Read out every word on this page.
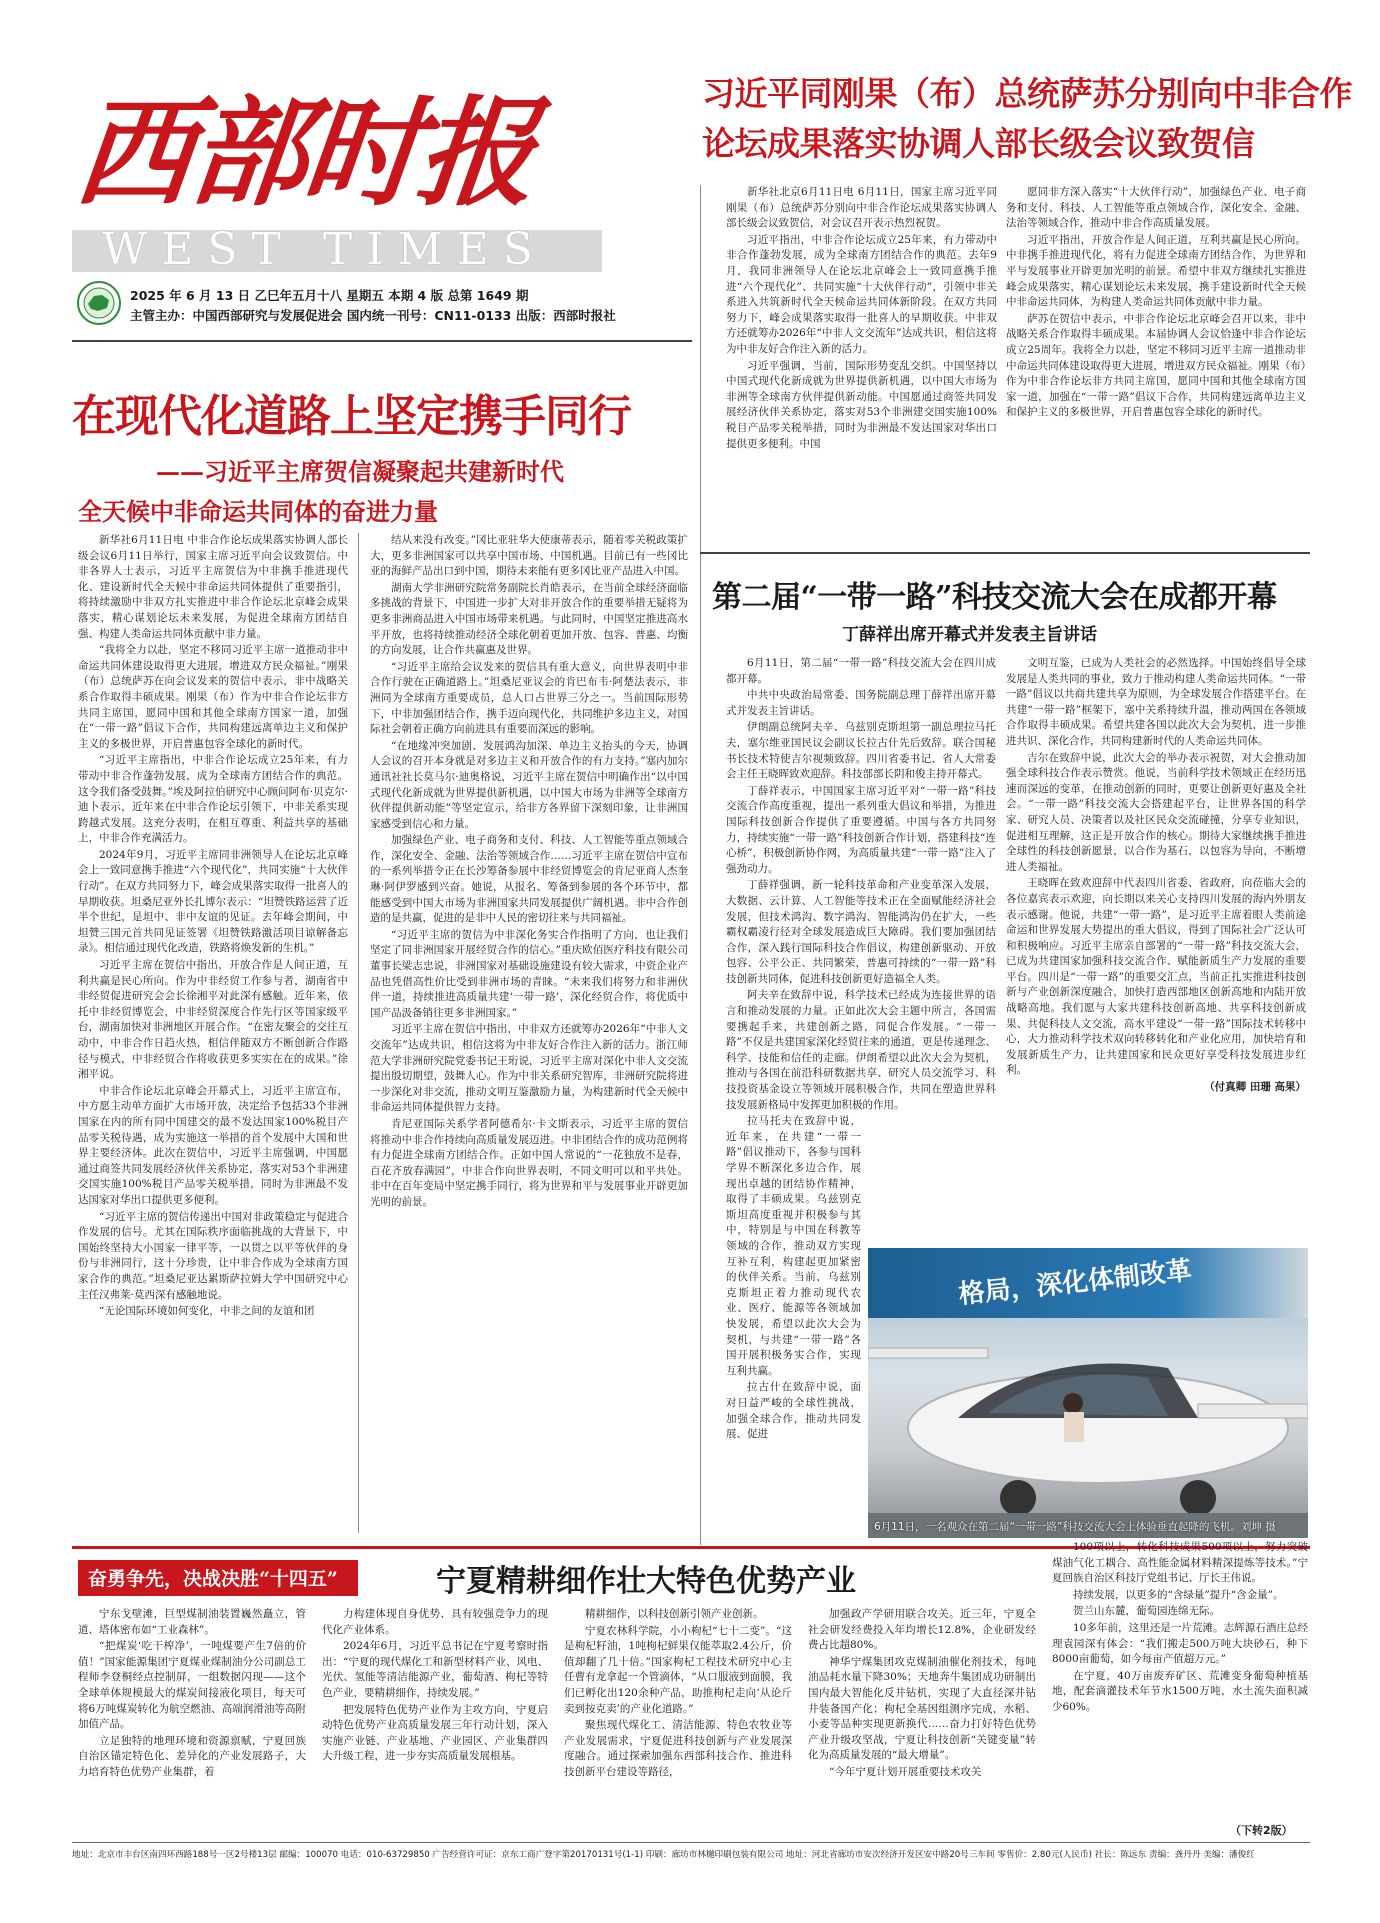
西部时报
WEST TIMES
2025 年 6 月 13 日 乙巳年五月十八 星期五 本期 4 版 总第 1649 期
主管主办：中国西部研究与发展促进会 国内统一刊号：CN11-0133 出版：西部时报社
习近平同刚果（布）总统萨苏分别向中非合作
论坛成果落实协调人部长级会议致贺信

新华社北京6月11日电 6月11日，国家主席习近平同刚果（布）总统萨苏分别向中非合作论坛成果落实协调人部长级会议致贺信，对会议召开表示热烈祝贺。

习近平指出，中非合作论坛成立25年来，有力带动中非合作蓬勃发展，成为全球南方团结合作的典范。去年9月，我同非洲领导人在论坛北京峰会上一致同意携手推进“六个现代化”、共同实施“十大伙伴行动”，引领中非关系进入共筑新时代全天候命运共同体新阶段。在双方共同努力下，峰会成果落实取得一批喜人的早期收获。中非双方还就筹办2026年“中非人文交流年”达成共识，相信这将为中非友好合作注入新的活力。

习近平强调，当前，国际形势变乱交织。中国坚持以中国式现代化新成就为世界提供新机遇，以中国大市场为非洲等全球南方伙伴提供新动能。中国愿通过商签共同发展经济伙伴关系协定，落实对53个非洲建交国实施100%税目产品零关税举措，同时为非洲最不发达国家对华出口提供更多便利。中国

愿同非方深入落实“十大伙伴行动”，加强绿色产业、电子商务和支付、科技、人工智能等重点领域合作，深化安全、金融、法治等领域合作，推动中非合作高质量发展。

习近平指出，开放合作是人间正道，互利共赢是民心所向。中非携手推进现代化，将有力促进全球南方团结合作，为世界和平与发展事业开辟更加光明的前景。希望中非双方继续扎实推进峰会成果落实，精心谋划论坛未来发展，携手建设新时代全天候中非命运共同体，为构建人类命运共同体贡献中非力量。

萨苏在贺信中表示，中非合作论坛北京峰会召开以来，非中战略关系合作取得丰硕成果。本届协调人会议恰逢中非合作论坛成立25周年。我将全力以赴，坚定不移同习近平主席一道推动非中命运共同体建设取得更大进展，增进双方民众福祉。刚果（布）作为中非合作论坛非方共同主席国，愿同中国和其他全球南方国家一道，加强在“一带一路”倡议下合作，共同构建远离单边主义和保护主义的多极世界，开启普惠包容全球化的新时代。

在现代化道路上坚定携手同行
——习近平主席贺信凝聚起共建新时代
全天候中非命运共同体的奋进力量

新华社6月11日电 中非合作论坛成果落实协调人部长级会议6月11日举行，国家主席习近平向会议致贺信。中非各界人士表示，习近平主席贺信为中非携手推进现代化、建设新时代全天候中非命运共同体提供了重要指引，将持续激励中非双方扎实推进中非合作论坛北京峰会成果落实，精心谋划论坛未来发展，为促进全球南方团结自强、构建人类命运共同体贡献中非力量。

“我将全力以赴，坚定不移同习近平主席一道推动非中命运共同体建设取得更大进展，增进双方民众福祉。”刚果（布）总统萨苏在向会议发来的贺信中表示，非中战略关系合作取得丰硕成果。刚果（布）作为中非合作论坛非方共同主席国，愿同中国和其他全球南方国家一道，加强在“一带一路”倡议下合作，共同构建远离单边主义和保护主义的多极世界，开启普惠包容全球化的新时代。

“习近平主席指出，中非合作论坛成立25年来，有力带动中非合作蓬勃发展，成为全球南方团结合作的典范。这令我们备受鼓舞。”埃及阿拉伯研究中心顾问阿布·贝克尔·迪卜表示，近年来在中非合作论坛引领下，中非关系实现跨越式发展。这充分表明，在相互尊重、利益共享的基础上，中非合作充满活力。

2024年9月，习近平主席同非洲领导人在论坛北京峰会上一致同意携手推进“六个现代化”，共同实施“十大伙伴行动”。在双方共同努力下，峰会成果落实取得一批喜人的早期收获。坦桑尼亚外长扎博尔表示：“坦赞铁路运营了近半个世纪，是坦中、非中友谊的见证。去年峰会期间，中坦赞三国元首共同见证签署《坦赞铁路激活项目谅解备忘录》。相信通过现代化改造，铁路将焕发新的生机。”

习近平主席在贺信中指出，开放合作是人间正道，互利共赢是民心所向。作为中非经贸工作参与者，湖南省中非经贸促进研究会会长徐湘平对此深有感触。近年来，依托中非经贸博览会，中非经贸深度合作先行区等国家级平台，湖南加快对非洲地区开展合作。“在密友聚会的交往互动中，中非合作日趋火热，相信伴随双方不断创新合作路径与模式，中非经贸合作将收获更多实实在在的成果。”徐湘平说。

中非合作论坛北京峰会开幕式上，习近平主席宣布，中方愿主动单方面扩大市场开放，决定给予包括33个非洲国家在内的所有同中国建交的最不发达国家100%税目产品零关税待遇，成为实施这一举措的首个发展中大国和世界主要经济体。此次在贺信中，习近平主席强调，中国愿通过商签共同发展经济伙伴关系协定，落实对53个非洲建交国实施100%税目产品零关税举措，同时为非洲最不发达国家对华出口提供更多便利。

“习近平主席的贺信传递出中国对非政策稳定与促进合作发展的信号。尤其在国际秩序面临挑战的大背景下，中国始终坚持大小国家一律平等，一以贯之以平等伙伴的身份与非洲同行，这十分珍贵，让中非合作成为全球南方国家合作的典范。”坦桑尼亚达累斯萨拉姆大学中国研究中心主任汉弗莱·莫西深有感触地说。

“无论国际环境如何变化，中非之间的友谊和团

结从来没有改变。”冈比亚驻华大使康蒂表示，随着零关税政策扩大，更多非洲国家可以共享中国市场、中国机遇。目前已有一些冈比亚的海鲜产品出口到中国，期待未来能有更多冈比亚产品进入中国。

湖南大学非洲研究院常务副院长肖皓表示，在当前全球经济面临多挑战的背景下，中国进一步扩大对非开放合作的重要举措无疑将为更多非洲商品进入中国市场带来机遇。与此同时，中国坚定推进高水平开放，也将持续推动经济全球化朝着更加开放、包容、普惠、均衡的方向发展，让合作共赢惠及世界。

“习近平主席给会议发来的贺信具有重大意义，向世界表明中非合作行驶在正确道路上。”坦桑尼亚议会的肯巴布韦·阿楚法表示，非洲同为全球南方重要成员，总人口占世界三分之一。当前国际形势下，中非加强团结合作，携手迈向现代化，共同维护多边主义，对国际社会朝着正确方向前进具有重要而深远的影响。

“在地缘冲突加剧、发展鸿沟加深、单边主义抬头的今天，协调人会议的召开本身就是对多边主义和开放合作的有力支持。”塞内加尔通讯社社长莫马尔·迪奥格说，习近平主席在贺信中明确作出“以中国式现代化新成就为世界提供新机遇，以中国大市场为非洲等全球南方伙伴提供新动能”等坚定宣示，给非方各界留下深刻印象，让非洲国家感受到信心和力量。

加强绿色产业、电子商务和支付、科技、人工智能等重点领域合作，深化安全、金融、法治等领域合作……习近平主席在贺信中宣布的一系列举措令正在长沙筹备参展中非经贸博览会的肯尼亚商人杰奎琳·阿伊罗感到兴奋。她说，从报名、筹备到参展的各个环节中，都能感受到中国大市场为非洲国家共同发展提供广阔机遇。非中合作创造的是共赢，促进的是非中人民的密切往来与共同福祉。

“习近平主席的贺信为中非深化务实合作指明了方向，也让我们坚定了同非洲国家开展经贸合作的信心。”重庆欧佰医疗科技有限公司董事长梁志忠说，非洲国家对基础设施建设有较大需求，中资企业产品也凭借高性价比受到非洲市场的青睐。“未来我们将努力和非洲伙伴一道，持续推进高质量共建‘一带一路’，深化经贸合作，将优质中国产品汲备销往更多非洲国家。”

习近平主席在贺信中指出，中非双方还就筹办2026年“中非人文交流年”达成共识，相信这将为中非友好合作注入新的活力。浙江师范大学非洲研究院党委书记王珩说，习近平主席对深化中非人文交流提出殷切期望，鼓舞人心。作为中非关系研究智库，非洲研究院将进一步深化对非交流，推动文明互鉴激励力量，为构建新时代全天候中非命运共同体提供智力支持。

肯尼亚国际关系学者阿德希尔·卡文斯表示，习近平主席的贺信将推动中非合作持续向高质量发展迈进。中非团结合作的成功范例将有力促进全球南方团结合作。正如中国人常说的“一花独放不是春，百花齐放春满园”，中非合作向世界表明，不同文明可以和平共处。非中在百年变局中坚定携手同行，将为世界和平与发展事业开辟更加光明的前景。

第二届“一带一路”科技交流大会在成都开幕
丁薛祥出席开幕式并发表主旨讲话

6月11日，第二届“一带一路”科技交流大会在四川成都开幕。

中共中央政治局常委、国务院副总理丁薛祥出席开幕式并发表主旨讲话。

伊朗副总统阿夫辛、乌兹别克斯坦第一副总理拉马托夫，塞尔维亚国民议会副议长拉古什先后致辞。联合国秘书长技术特使吉尔视频致辞。四川省委书记、省人大常委会主任王晓晖致欢迎辞。科技部部长阴和俊主持开幕式。

丁薛祥表示，中国国家主席习近平对“一带一路”科技交流合作高度重视，提出一系列重大倡议和举措，为推进国际科技创新合作提供了重要遵循。中国与各方共同努力，持续实施“一带一路”科技创新合作计划，搭建科技“连心桥”，积极创新协作网，为高质量共建“一带一路”注入了强劲动力。

丁薛祥强调，新一轮科技革命和产业变革深入发展，大数据、云计算、人工智能等技术正在全面赋能经济社会发展，但技术鸿沟、数字鸿沟、智能鸿沟仍在扩大，一些霸权霸凌行径对全球发展造成巨大障碍。我们要加强团结合作，深入践行国际科技合作倡议，构建创新驱动、开放包容、公平公正、共同繁荣，普惠可持续的“一带一路”科技创新共同体，促进科技创新更好造福全人类。

阿夫辛在致辞中说，科学技术已经成为连接世界的语言和推动发展的力量。正如此次大会主题中所言，各国需要携起手来，共建创新之路，同促合作发展。“一带一路”不仅是共建国家深化经贸往来的通道，更是传递理念、科学、技能和信任的走廊。伊朗希望以此次大会为契机，推动与各国在前沿科研数据共享、研究人员交流学习、科技投资基金设立等领域开展积极合作，共同在塑造世界科技发展新格局中发挥更加积极的作用。

拉马托夫在致辞中说，近年来，在共建“一带一路”倡议推动下，各参与国科学界不断深化多边合作，展现出卓越的团结协作精神，取得了丰硕成果。乌兹别克斯坦高度重视并积极参与其中，特别是与中国在科教等领域的合作，推动双方实现互补互利，构建起更加紧密的伙伴关系。当前，乌兹别克斯坦正着力推动现代农业、医疗、能源等各领域加快发展，希望以此次大会为契机，与共建“一带一路”各国开展积极务实合作，实现互利共赢。

拉古什在致辞中说，面对日益严峻的全球性挑战，加强全球合作，推动共同发展、促进

文明互鉴，已成为人类社会的必然选择。中国始终倡导全球发展是人类共同的事业，致力于推动构建人类命运共同体。“一带一路”倡议以共商共建共享为原则，为全球发展合作搭建平台。在共建“一带一路”框架下，塞中关系持续升温，推动两国在各领域合作取得丰硕成果。希望共建各国以此次大会为契机，进一步推进共识、深化合作，共同构建新时代的人类命运共同体。

吉尔在致辞中说，此次大会的举办表示祝贺，对大会推动加强全球科技合作表示赞赏。他说，当前科学技术领域正在经历迅速而深远的变革，在推动创新的同时，更要让创新更好惠及全社会。“一带一路”科技交流大会搭建起平台，让世界各国的科学家、研究人员、决策者以及社区民众交流碰撞，分享专业知识，促进相互理解，这正是开放合作的核心。期待大家继续携手推进全球性的科技创新愿景，以合作为基石，以包容为导向，不断增进人类福祉。

王晓晖在致欢迎辞中代表四川省委、省政府，向莅临大会的各位嘉宾表示欢迎，向长期以来关心支持四川发展的海内外朋友表示感谢。他说，共建“一带一路”，是习近平主席着眼人类前途命运和世界发展大势提出的重大倡议，得到了国际社会广泛认可和积极响应。习近平主席亲自部署的“一带一路”科技交流大会，已成为共建国家加强科技交流合作、赋能新质生产力发展的重要平台。四川是“一带一路”的重要交汇点，当前正扎实推进科技创新与产业创新深度融合，加快打造西部地区创新高地和内陆开放战略高地。我们愿与大家共建科技创新高地、共享科技创新成果、共促科技人文交流，高水平建设“一带一路”国际技术转移中心，大力推动科学技术双向转移转化和产业化应用，加快培育和发展新质生产力，让共建国家和民众更好享受科技发展进步红利。

（付真卿 田珊 高果）

格局，深化体制改革
6月11日，一名观众在第二届“一带一路”科技交流大会上体验垂直起降的飞机。刘坤 摄
奋勇争先，决战决胜“十四五”	宁夏精耕细作壮大特色优势产业

宁东戈壁滩，巨型煤制油装置巍然矗立，管道、塔体密布如“工业森林”。

“把煤炭‘吃干榨净’，一吨煤要产生7倍的价值！”国家能源集团宁夏煤业煤制油分公司副总工程师李登桐经点控制屏，一组数据闪现——这个全球单体规模最大的煤炭间接液化项目，每天可将6万吨煤炭转化为航空燃油、高端润滑油等高附加值产品。

立足独特的地理环境和资源禀赋，宁夏回族自治区锚定特色化、差异化的产业发展路子，大力培育特色优势产业集群，着

力构建体现自身优势、具有较强竞争力的现代化产业体系。

2024年6月，习近平总书记在宁夏考察时指出：“宁夏的现代煤化工和新型材料产业、风电、光伏、氢能等清洁能源产业，葡萄酒、枸杞等特色产业，要精耕细作，持续发展。”

把发展特色优势产业作为主攻方向，宁夏启动特色优势产业高质量发展三年行动计划，深入实施产业链、产业基地、产业园区、产业集群四大升级工程，进一步夯实高质量发展根基。

精耕细作，以科技创新引领产业创新。

宁夏农林科学院，小小枸杞“七十二变”。“这是枸杞籽油，1吨枸杞鲜果仅能萃取2.4公斤，价值却翻了几十倍。”国家枸杞工程技术研究中心主任曹有龙拿起一个管滴体，“从口服液到面膜，我们已孵化出120余种产品，助推枸杞走向‘从论斤卖到按克卖’的产业化道路。”

聚焦现代煤化工、清洁能源、特色农牧业等产业发展需求，宁夏促进科技创新与产业发展深度融合。通过探索加强东西部科技合作、推进科技创新平台建设等路径，

加强政产学研用联合攻关。近三年，宁夏全社会研发经费投入年均增长12.8%，企业研发经费占比超80%。

神华宁煤集团攻克煤制油催化剂技术，每吨油品耗水量下降30%；天地奔牛集团成功研制出国内最大智能化反井钻机，实现了大直径深井钻井装备国产化；枸杞全基因组测序完成，水稻、小麦等品种实现更新换代……奋力打好特色优势产业升级攻坚战，宁夏让科技创新“关键变量”转化为高质量发展的“最大增量”。

“今年宁夏计划开展重要技术攻关

100项以上，转化科技成果500项以上，努力突破煤油气化工耦合、高性能金属材料精深提炼等技术。”宁夏回族自治区科技厅党组书记、厅长王伟说。

持续发展，以更多的“含绿量”提升“含金量”。

贺兰山东麓，葡萄园连绵无际。

10多年前，这里还是一片荒滩。志辉源石酒庄总经理袁园深有体会：“我们搬走500万吨大块砂石，种下8000亩葡萄，如今每亩产值超万元。”

在宁夏，40万亩废弃矿区、荒滩变身葡萄种植基地，配套滴灌技术年节水1500万吨，水土流失面积减少60%。

（下转2版）
地址：北京市丰台区南四环西路188号一区2号楼13层 邮编：100070 电话：010-63729850 广告经营许可证：京东工商广登字第20170131号(1-1) 印刷：廊坊市林樾印刷包装有限公司 地址：河北省廊坊市安次经济开发区安中路20号三车间 零售价：2.80元(人民币) 社长：陈远东 责编：龚丹丹 美编：潘俊红
